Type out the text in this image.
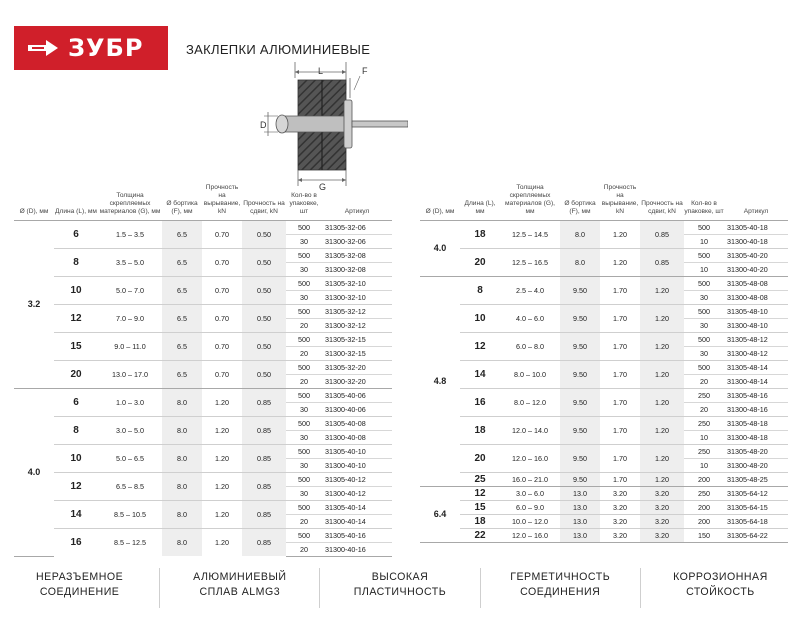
ЗУБР	ЗАКЛЕПКИ АЛЮМИНИЕВЫЕ
L	F
D
G
Ø (D), мм	Длина (L), мм	Толщина скрепляемых материалов (G), мм	Ø бортика (F), мм	Прочность на вырывание, kN	Прочность на сдвиг, kN	Кол-во в упаковке, шт	Артикул
3.2	6	1.5 – 3.5	6.5	0.70	0.50	500	31305-32-06
						30	31300-32-06
	8	3.5 – 5.0	6.5	0.70	0.50	500	31305-32-08
						30	31300-32-08
	10	5.0 – 7.0	6.5	0.70	0.50	500	31305-32-10
						30	31300-32-10
	12	7.0 – 9.0	6.5	0.70	0.50	500	31305-32-12
						20	31300-32-12
	15	9.0 – 11.0	6.5	0.70	0.50	500	31305-32-15
						20	31300-32-15
	20	13.0 – 17.0	6.5	0.70	0.50	500	31305-32-20
						20	31300-32-20
4.0	6	1.0 – 3.0	8.0	1.20	0.85	500	31305-40-06
						30	31300-40-06
	8	3.0 – 5.0	8.0	1.20	0.85	500	31305-40-08
						30	31300-40-08
	10	5.0 – 6.5	8.0	1.20	0.85	500	31305-40-10
						30	31300-40-10
	12	6.5 – 8.5	8.0	1.20	0.85	500	31305-40-12
						30	31300-40-12
	14	8.5 – 10.5	8.0	1.20	0.85	500	31305-40-14
						20	31300-40-14
	16	8.5 – 12.5	8.0	1.20	0.85	500	31305-40-16
						20	31300-40-16
Ø (D), мм	Длина (L), мм	Толщина скрепляемых материалов (G), мм	Ø бортика (F), мм	Прочность на вырывание, kN	Прочность на сдвиг, kN	Кол-во в упаковке, шт	Артикул
4.0	18	12.5 – 14.5	8.0	1.20	0.85	500	31305-40-18
						10	31300-40-18
	20	12.5 – 16.5	8.0	1.20	0.85	500	31305-40-20
						10	31300-40-20
4.8	8	2.5 – 4.0	9.50	1.70	1.20	500	31305-48-08
						30	31300-48-08
	10	4.0 – 6.0	9.50	1.70	1.20	500	31305-48-10
						30	31300-48-10
	12	6.0 – 8.0	9.50	1.70	1.20	500	31305-48-12
						30	31300-48-12
	14	8.0 – 10.0	9.50	1.70	1.20	500	31305-48-14
						20	31300-48-14
	16	8.0 – 12.0	9.50	1.70	1.20	250	31305-48-16
						20	31300-48-16
	18	12.0 – 14.0	9.50	1.70	1.20	250	31305-48-18
						10	31300-48-18
	20	12.0 – 16.0	9.50	1.70	1.20	250	31305-48-20
						10	31300-48-20
	25	16.0 – 21.0	9.50	1.70	1.20	200	31305-48-25
6.4	12	3.0 – 6.0	13.0	3.20	3.20	250	31305-64-12
	15	6.0 – 9.0	13.0	3.20	3.20	200	31305-64-15
	18	10.0 – 12.0	13.0	3.20	3.20	200	31305-64-18
	22	12.0 – 16.0	13.0	3.20	3.20	150	31305-64-22
НЕРАЗЪЕМНОЕ
СОЕДИНЕНИЕ
АЛЮМИНИЕВЫЙ
СПЛАВ ALMG3
ВЫСОКАЯ
ПЛАСТИЧНОСТЬ
ГЕРМЕТИЧНОСТЬ
СОЕДИНЕНИЯ
КОРРОЗИОННАЯ
СТОЙКОСТЬ
